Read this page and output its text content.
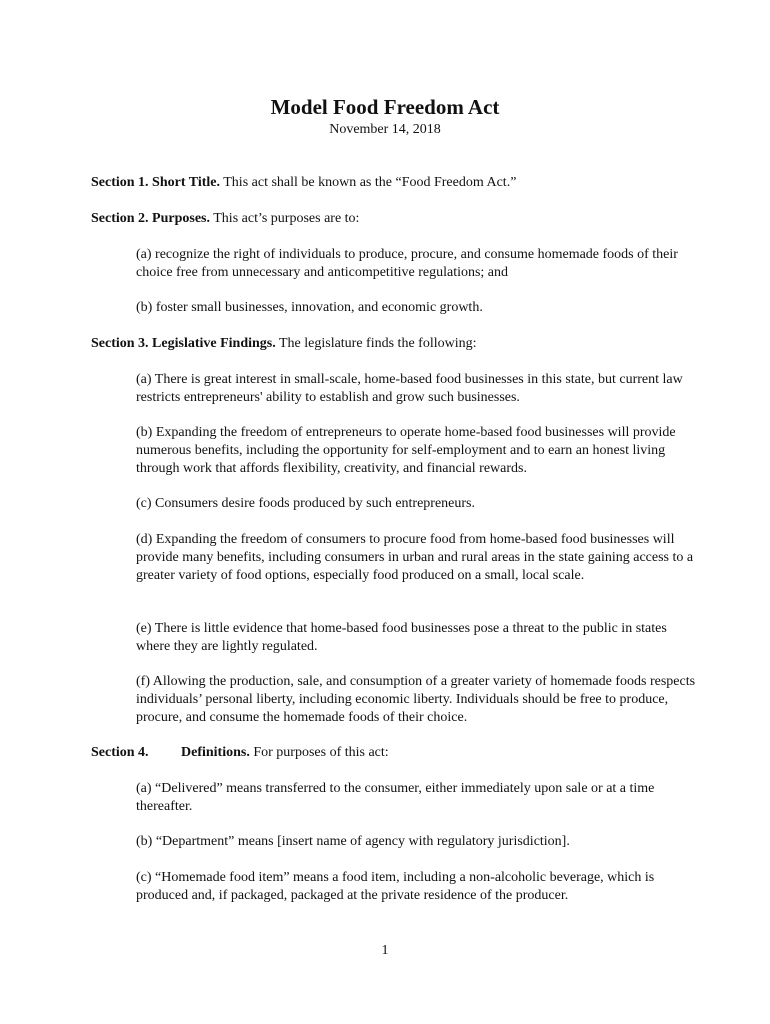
Model Food Freedom Act
November 14, 2018

Section 1. Short Title. This act shall be known as the “Food Freedom Act.”

Section 2. Purposes. This act’s purposes are to:

(a) recognize the right of individuals to produce, procure, and consume homemade foods of their choice free from unnecessary and anticompetitive regulations; and

(b) foster small businesses, innovation, and economic growth.

Section 3. Legislative Findings. The legislature finds the following:

(a) There is great interest in small-scale, home-based food businesses in this state, but current law restricts entrepreneurs' ability to establish and grow such businesses.

(b) Expanding the freedom of entrepreneurs to operate home-based food businesses will provide numerous benefits, including the opportunity for self-employment and to earn an honest living through work that affords flexibility, creativity, and financial rewards.

(c) Consumers desire foods produced by such entrepreneurs.

(d) Expanding the freedom of consumers to procure food from home-based food businesses will provide many benefits, including consumers in urban and rural areas in the state gaining access to a greater variety of food options, especially food produced on a small, local scale.

(e) There is little evidence that home-based food businesses pose a threat to the public in states where they are lightly regulated.

(f) Allowing the production, sale, and consumption of a greater variety of homemade foods respects individuals’ personal liberty, including economic liberty. Individuals should be free to produce, procure, and consume the homemade foods of their choice.

Section 4. Definitions. For purposes of this act:

(a) “Delivered” means transferred to the consumer, either immediately upon sale or at a time thereafter.

(b) “Department” means [insert name of agency with regulatory jurisdiction].

(c) “Homemade food item” means a food item, including a non-alcoholic beverage, which is produced and, if packaged, packaged at the private residence of the producer.

1
